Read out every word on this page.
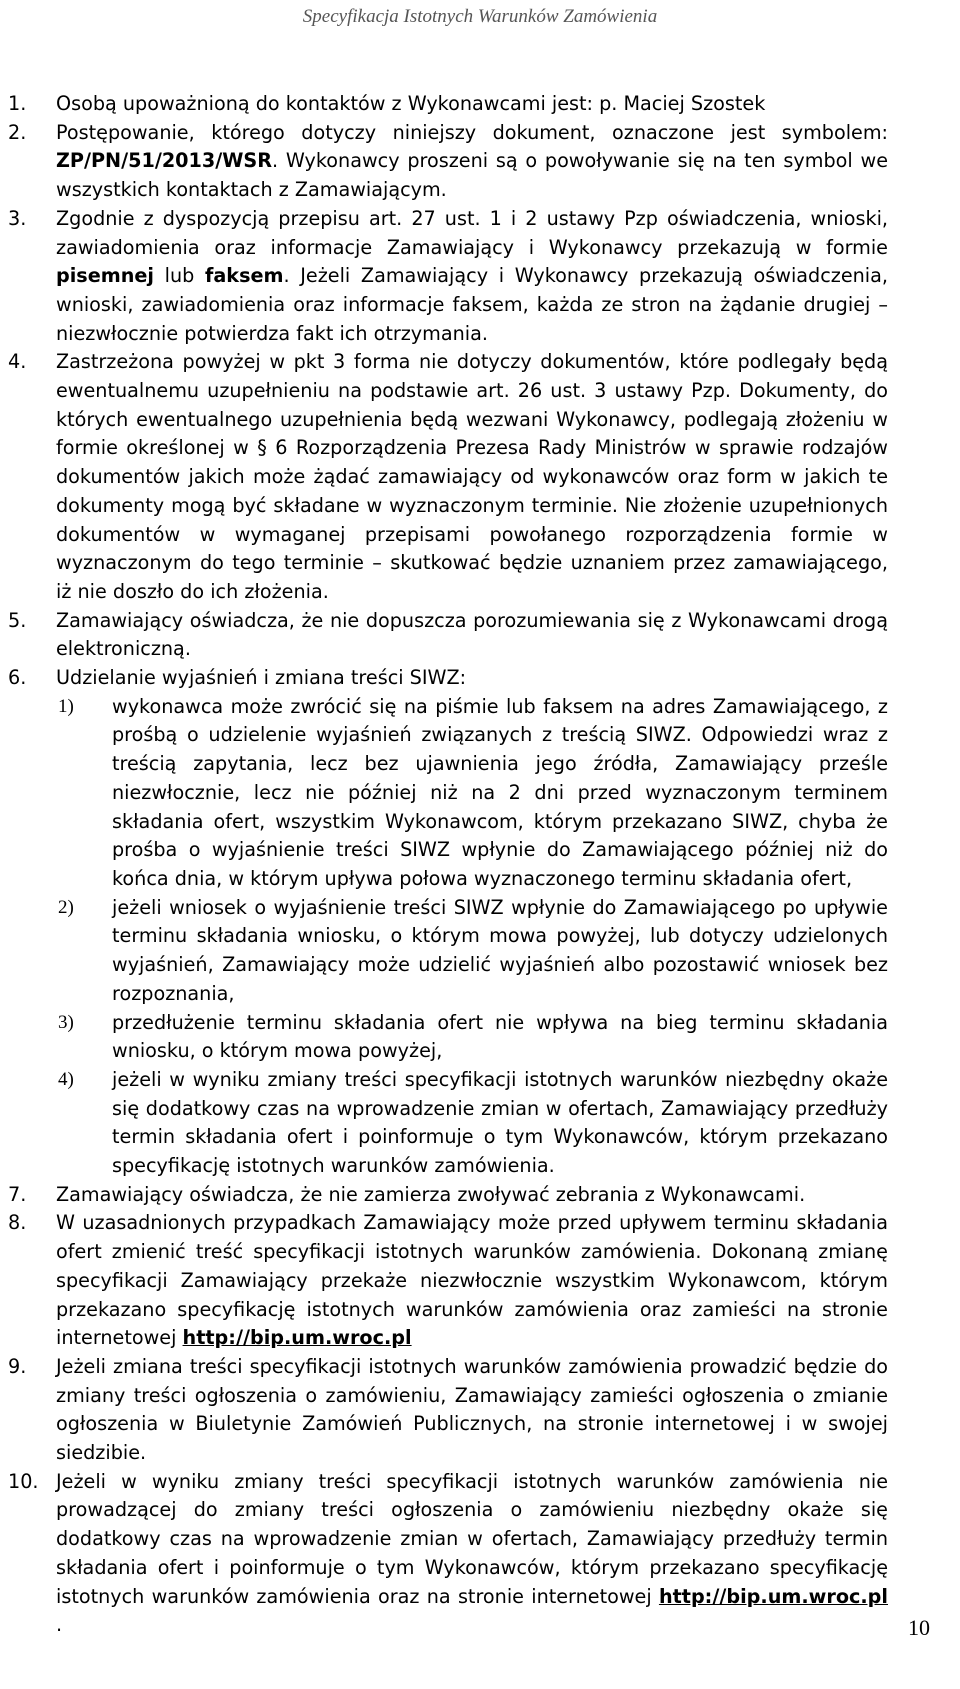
Specyfikacja Istotnych Warunków Zamówienia
1. Osobą upoważnioną do kontaktów z Wykonawcami jest: p. Maciej Szostek
2. Postępowanie, którego dotyczy niniejszy dokument, oznaczone jest symbolem: ZP/PN/51/2013/WSR. Wykonawcy proszeni są o powoływanie się na ten symbol we wszystkich kontaktach z Zamawiającym.
3. Zgodnie z dyspozycją przepisu art. 27 ust. 1 i 2 ustawy Pzp oświadczenia, wnioski, zawiadomienia oraz informacje Zamawiający i Wykonawcy przekazują w formie pisemnej lub faksem. Jeżeli Zamawiający i Wykonawcy przekazują oświadczenia, wnioski, zawiadomienia oraz informacje faksem, każda ze stron na żądanie drugiej – niezwłocznie potwierdza fakt ich otrzymania.
4. Zastrzeżona powyżej w pkt 3 forma nie dotyczy dokumentów, które podlegały będą ewentualnemu uzupełnieniu na podstawie art. 26 ust. 3 ustawy Pzp. Dokumenty, do których ewentualnego uzupełnienia będą wezwani Wykonawcy, podlegają złożeniu w formie określonej w § 6 Rozporządzenia Prezesa Rady Ministrów w sprawie rodzajów dokumentów jakich może żądać zamawiający od wykonawców oraz form w jakich te dokumenty mogą być składane w wyznaczonym terminie. Nie złożenie uzupełnionych dokumentów w wymaganej przepisami powołanego rozporządzenia formie w wyznaczonym do tego terminie – skutkować będzie uznaniem przez zamawiającego, iż nie doszło do ich złożenia.
5. Zamawiający oświadcza, że nie dopuszcza porozumiewania się z Wykonawcami drogą elektroniczną.
6. Udzielanie wyjaśnień i zmiana treści SIWZ:
1) wykonawca może zwrócić się na piśmie lub faksem na adres Zamawiającego, z prośbą o udzielenie wyjaśnień związanych z treścią SIWZ. Odpowiedzi wraz z treścią zapytania, lecz bez ujawnienia jego źródła, Zamawiający prześle niezwłocznie, lecz nie później niż na 2 dni przed wyznaczonym terminem składania ofert, wszystkim Wykonawcom, którym przekazano SIWZ, chyba że prośba o wyjaśnienie treści SIWZ wpłynie do Zamawiającego później niż do końca dnia, w którym upływa połowa wyznaczonego terminu składania ofert,
2) jeżeli wniosek o wyjaśnienie treści SIWZ wpłynie do Zamawiającego po upływie terminu składania wniosku, o którym mowa powyżej, lub dotyczy udzielonych wyjaśnień, Zamawiający może udzielić wyjaśnień albo pozostawić wniosek bez rozpoznania,
3) przedłużenie terminu składania ofert nie wpływa na bieg terminu składania wniosku, o którym mowa powyżej,
4) jeżeli w wyniku zmiany treści specyfikacji istotnych warunków niezbędny okaże się dodatkowy czas na wprowadzenie zmian w ofertach, Zamawiający przedłuży termin składania ofert i poinformuje o tym Wykonawców, którym przekazano specyfikację istotnych warunków zamówienia.
7. Zamawiający oświadcza, że nie zamierza zwoływać zebrania z Wykonawcami.
8. W uzasadnionych przypadkach Zamawiający może przed upływem terminu składania ofert zmienić treść specyfikacji istotnych warunków zamówienia. Dokonaną zmianę specyfikacji Zamawiający przekaże niezwłocznie wszystkim Wykonawcom, którym przekazano specyfikację istotnych warunków zamówienia oraz zamieści na stronie internetowej http://bip.um.wroc.pl
9. Jeżeli zmiana treści specyfikacji istotnych warunków zamówienia prowadzić będzie do zmiany treści ogłoszenia o zamówieniu, Zamawiający zamieści ogłoszenia o zmianie ogłoszenia w Biuletynie Zamówień Publicznych, na stronie internetowej i w swojej siedzibie.
10. Jeżeli w wyniku zmiany treści specyfikacji istotnych warunków zamówienia nie prowadzącej do zmiany treści ogłoszenia o zamówieniu niezbędny okaże się dodatkowy czas na wprowadzenie zmian w ofertach, Zamawiający przedłuży termin składania ofert i poinformuje o tym Wykonawców, którym przekazano specyfikację istotnych warunków zamówienia oraz na stronie internetowej http://bip.um.wroc.pl .	10
